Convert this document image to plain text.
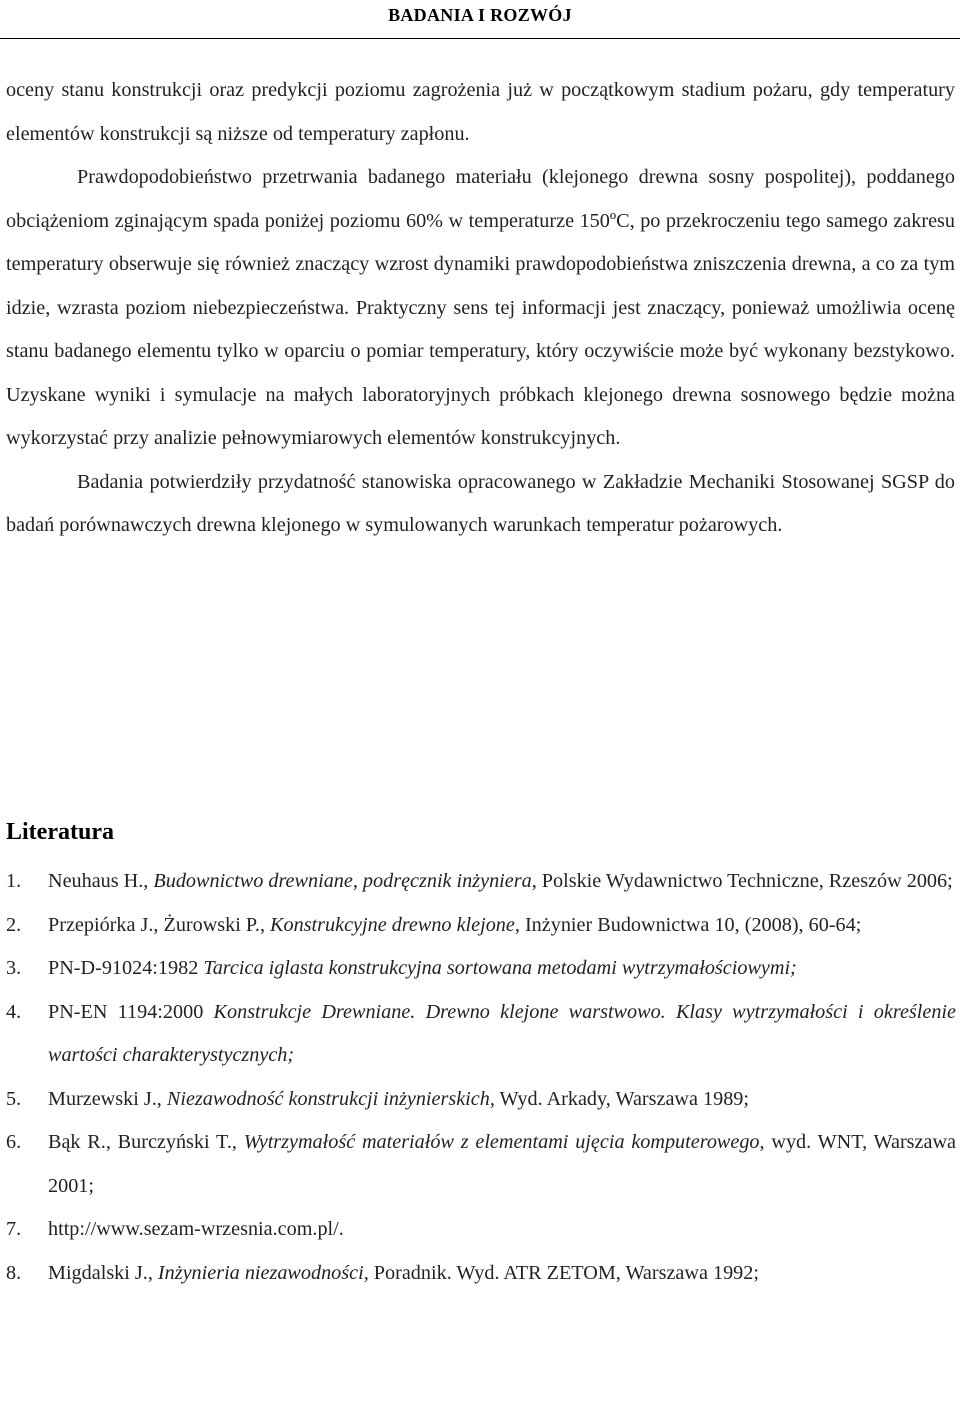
BADANIA I ROZWÓJ

oceny stanu konstrukcji oraz predykcji poziomu zagrożenia już w początkowym stadium pożaru, gdy temperatury elementów konstrukcji są niższe od temperatury zapłonu.

Prawdopodobieństwo przetrwania badanego materiału (klejonego drewna sosny pospolitej), poddanego obciążeniom zginającym spada poniżej poziomu 60% w temperaturze 150ºC, po przekroczeniu tego samego zakresu temperatury obserwuje się również znaczący wzrost dynamiki prawdopodobieństwa zniszczenia drewna, a co za tym idzie, wzrasta poziom niebezpieczeństwa. Praktyczny sens tej informacji jest znaczący, ponieważ umożliwia ocenę stanu badanego elementu tylko w oparciu o pomiar temperatury, który oczywiście może być wykonany bezstykowo. Uzyskane wyniki i symulacje na małych laboratoryjnych próbkach klejonego drewna sosnowego będzie można wykorzystać przy analizie pełnowymiarowych elementów konstrukcyjnych.

Badania potwierdziły przydatność stanowiska opracowanego w Zakładzie Mechaniki Stosowanej SGSP do badań porównawczych drewna klejonego w symulowanych warunkach temperatur pożarowych.

Literatura
1.	Neuhaus H., Budownictwo drewniane, podręcznik inżyniera, Polskie Wydawnictwo Techniczne, Rzeszów 2006;
2.	Przepiórka J., Żurowski P., Konstrukcyjne drewno klejone, Inżynier Budownictwa 10, (2008), 60-64;
3.	PN-D-91024:1982 Tarcica iglasta konstrukcyjna sortowana metodami wytrzymałościowymi;
4.	PN-EN 1194:2000 Konstrukcje Drewniane. Drewno klejone warstwowo. Klasy wytrzymałości i określenie wartości charakterystycznych;
5.	Murzewski J., Niezawodność konstrukcji inżynierskich, Wyd. Arkady, Warszawa 1989;
6.	Bąk R., Burczyński T., Wytrzymałość materiałów z elementami ujęcia komputerowego, wyd. WNT, Warszawa 2001;
7.	http://www.sezam-wrzesnia.com.pl/.
8.	Migdalski J., Inżynieria niezawodności, Poradnik. Wyd. ATR ZETOM, Warszawa 1992;
